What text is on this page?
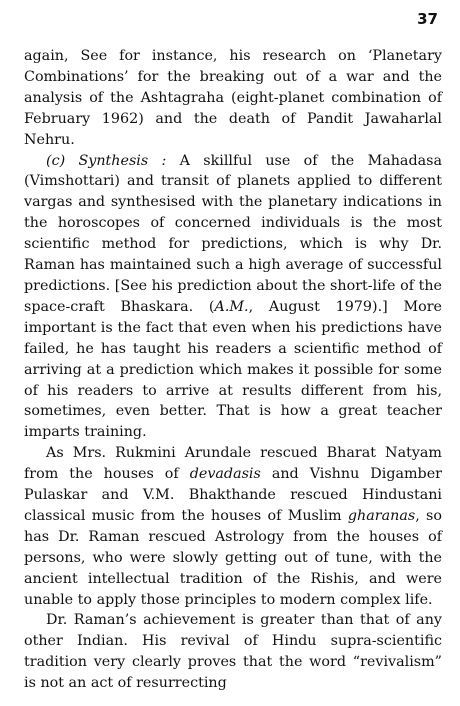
37

again, See for instance, his research on ‘Planetary Combinations’ for the breaking out of a war and the analysis of the Ashtagraha (eight-planet combination of February 1962) and the death of Pandit Jawaharlal Nehru.

(c) Synthesis : A skillful use of the Mahadasa (Vimshottari) and transit of planets applied to different vargas and synthesised with the planetary indications in the horoscopes of concerned individuals is the most scientific method for predictions, which is why Dr. Raman has maintained such a high average of successful predictions. [See his prediction about the short-life of the space-craft Bhaskara. (A.M., August 1979).] More important is the fact that even when his predictions have failed, he has taught his readers a scientific method of arriving at a prediction which makes it possible for some of his readers to arrive at results different from his, sometimes, even better. That is how a great teacher imparts training.

As Mrs. Rukmini Arundale rescued Bharat Natyam from the houses of devadasis and Vishnu Digamber Pulaskar and V.M. Bhakthande rescued Hindustani classical music from the houses of Muslim gharanas, so has Dr. Raman rescued Astrology from the houses of persons, who were slowly getting out of tune, with the ancient intellectual tradition of the Rishis, and were unable to apply those principles to modern complex life.

Dr. Raman’s achievement is greater than that of any other Indian. His revival of Hindu supra-scientific tradition very clearly proves that the word “revivalism” is not an act of resurrecting
